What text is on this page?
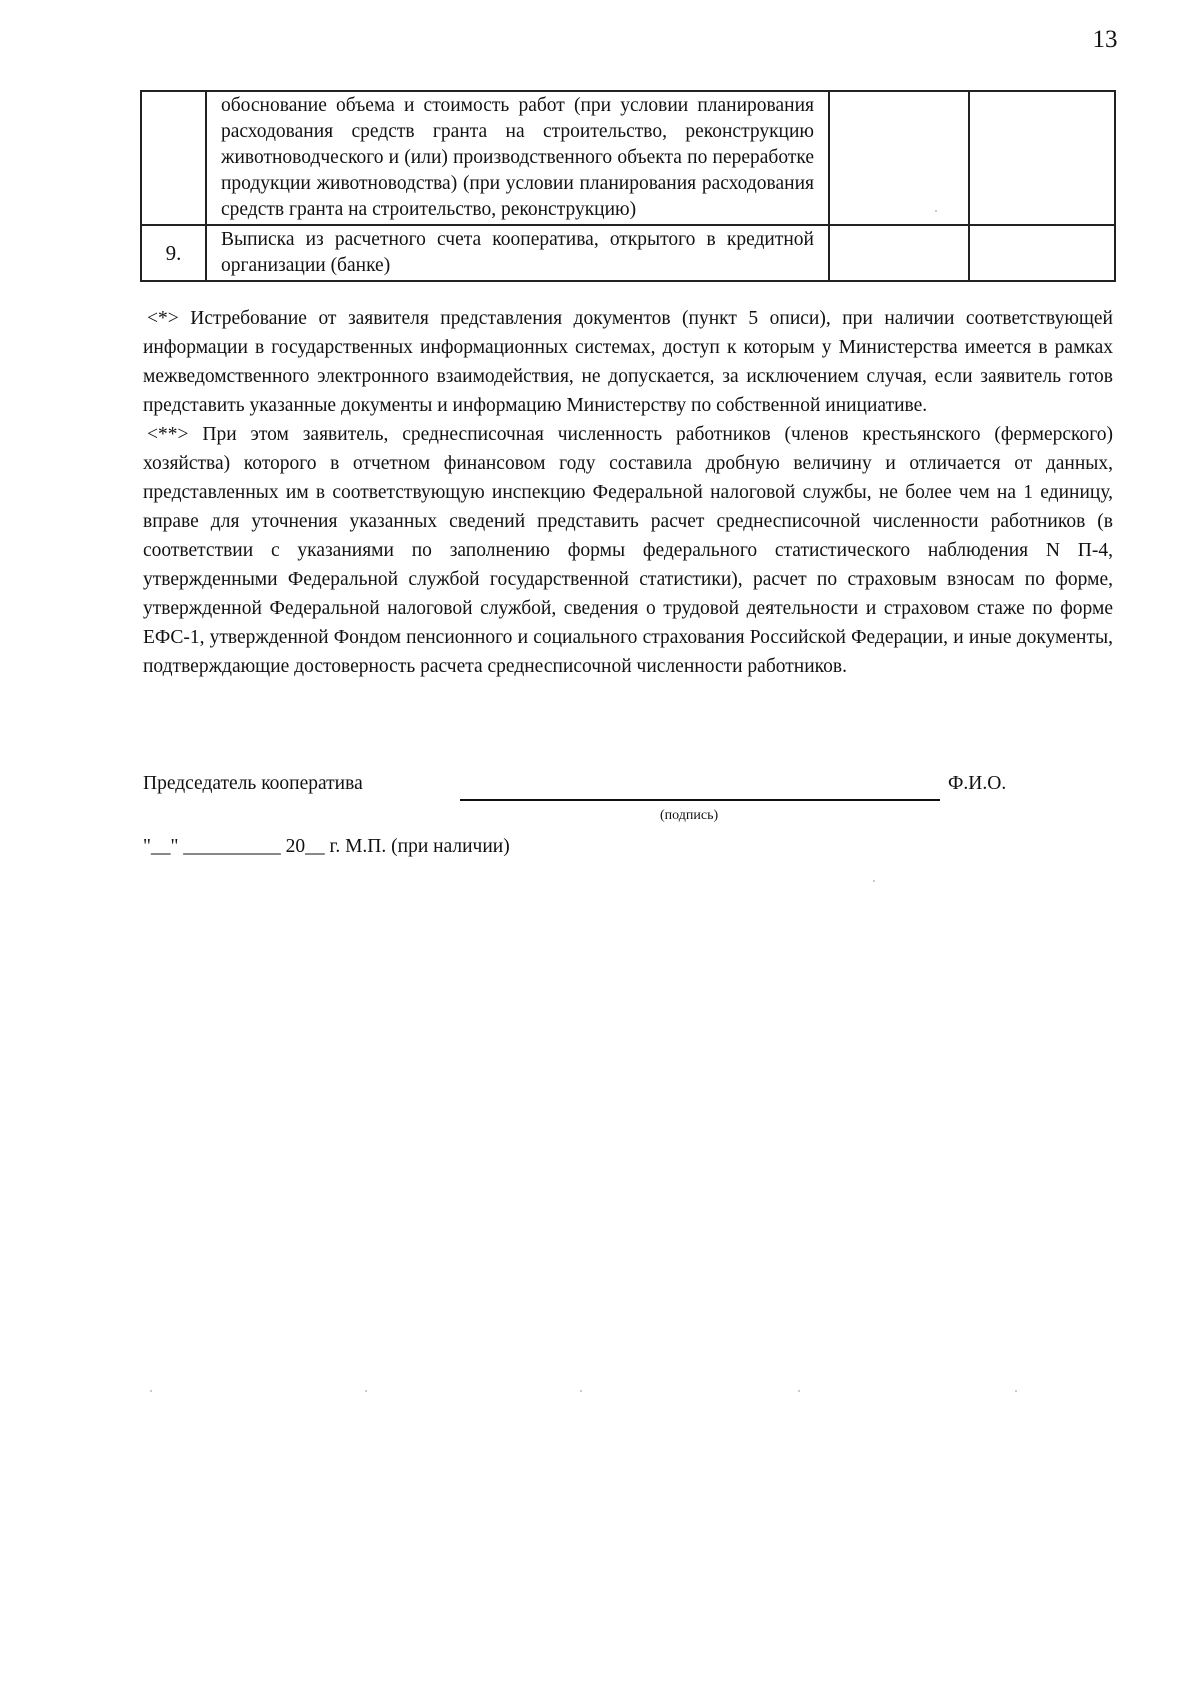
13
	обоснование объема и стоимость работ (при условии планирования расходования средств гранта на строительство, реконструкцию животноводческого и (или) производственного объекта по переработке продукции животноводства) (при условии планирования расходования средств гранта на строительство, реконструкцию)		
9.	Выписка из расчетного счета кооператива, открытого в кредитной организации (банке)		

<*> Истребование от заявителя представления документов (пункт 5 описи), при наличии соответствующей информации в государственных информационных системах, доступ к которым у Министерства имеется в рамках межведомственного электронного взаимодействия, не допускается, за исключением случая, если заявитель готов представить указанные документы и информацию Министерству по собственной инициативе.

<**> При этом заявитель, среднесписочная численность работников (членов крестьянского (фермерского) хозяйства) которого в отчетном финансовом году составила дробную величину и отличается от данных, представленных им в соответствующую инспекцию Федеральной налоговой службы, не более чем на 1 единицу, вправе для уточнения указанных сведений представить расчет среднесписочной численности работников (в соответствии с указаниями по заполнению формы федерального статистического наблюдения N П-4, утвержденными Федеральной службой государственной статистики), расчет по страховым взносам по форме, утвержденной Федеральной налоговой службой, сведения о трудовой деятельности и страховом стаже по форме ЕФС-1, утвержденной Фондом пенсионного и социального страхования Российской Федерации, и иные документы, подтверждающие достоверность расчета среднесписочной численности работников.

Председатель кооператива	Ф.И.О.
(подпись)
"__" __________ 20__ г. М.П. (при наличии)
